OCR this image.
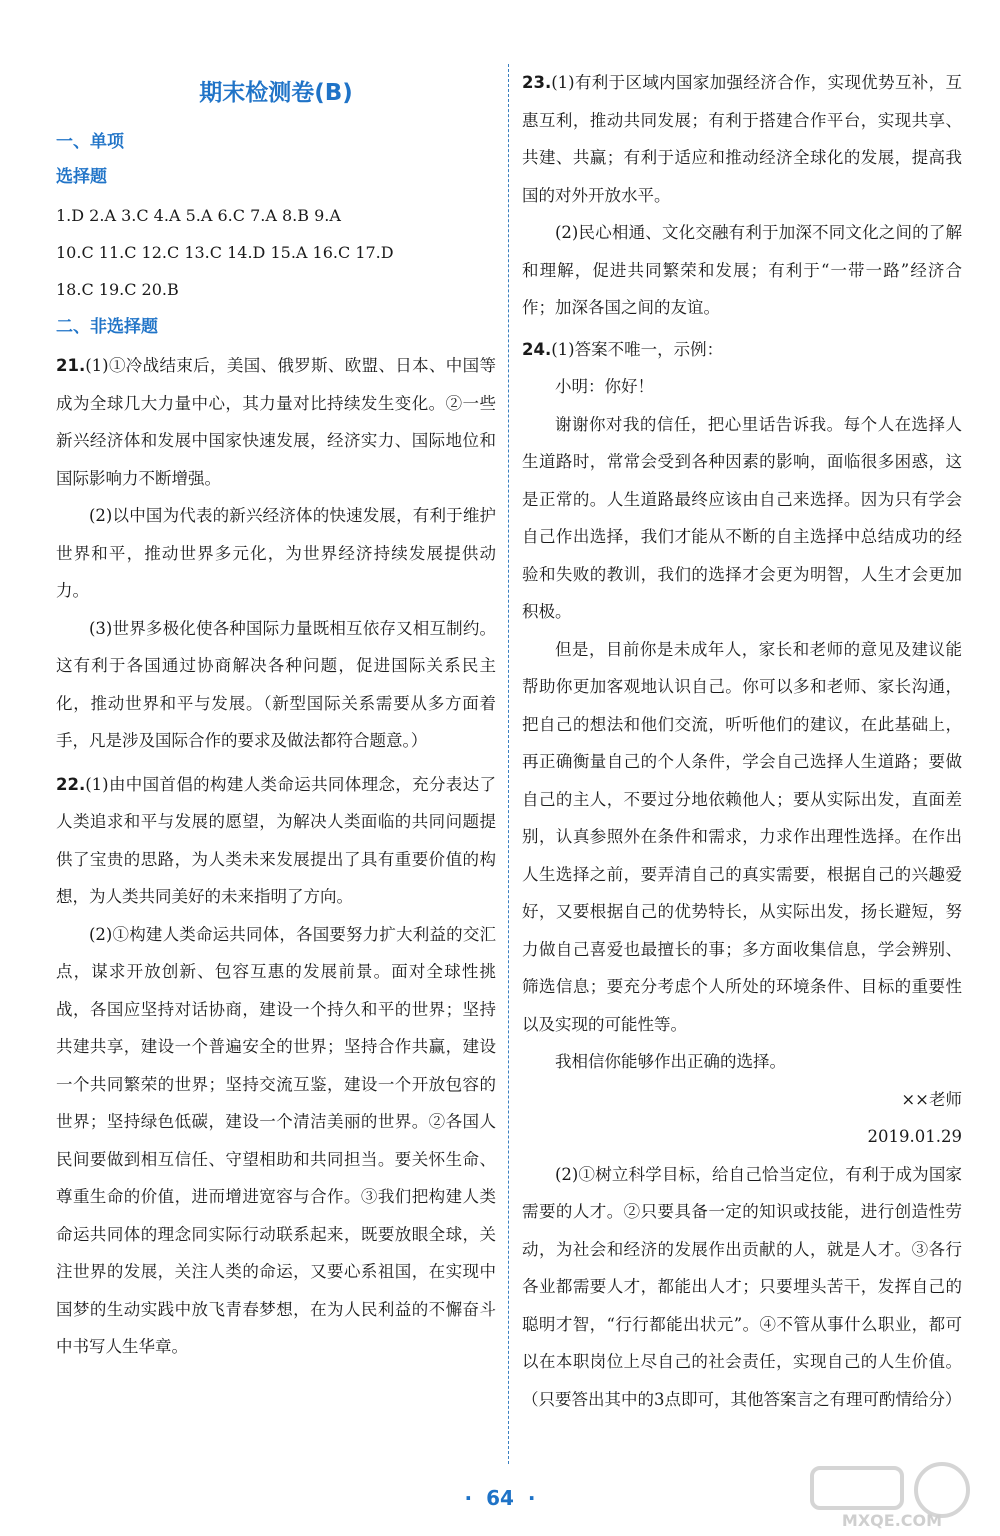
期末检测卷(B)
一、单项
选择题
1.D 2.A 3.C 4.A 5.A 6.C 7.A 8.B 9.A
10.C 11.C 12.C 13.C 14.D 15.A 16.C 17.D
18.C 19.C 20.B
二、非选择题

21.(1)①冷战结束后，美国、俄罗斯、欧盟、日本、中国等成为全球几大力量中心，其力量对比持续发生变化。②一些新兴经济体和发展中国家快速发展，经济实力、国际地位和国际影响力不断增强。

(2)以中国为代表的新兴经济体的快速发展，有利于维护世界和平，推动世界多元化，为世界经济持续发展提供动力。

(3)世界多极化使各种国际力量既相互依存又相互制约。这有利于各国通过协商解决各种问题，促进国际关系民主化，推动世界和平与发展。（新型国际关系需要从多方面着手，凡是涉及国际合作的要求及做法都符合题意。）

22.(1)由中国首倡的构建人类命运共同体理念，充分表达了人类追求和平与发展的愿望，为解决人类面临的共同问题提供了宝贵的思路，为人类未来发展提出了具有重要价值的构想，为人类共同美好的未来指明了方向。

(2)①构建人类命运共同体，各国要努力扩大利益的交汇点，谋求开放创新、包容互惠的发展前景。面对全球性挑战，各国应坚持对话协商，建设一个持久和平的世界；坚持共建共享，建设一个普遍安全的世界；坚持合作共赢，建设一个共同繁荣的世界；坚持交流互鉴，建设一个开放包容的世界；坚持绿色低碳，建设一个清洁美丽的世界。②各国人民间要做到相互信任、守望相助和共同担当。要关怀生命、尊重生命的价值，进而增进宽容与合作。③我们把构建人类命运共同体的理念同实际行动联系起来，既要放眼全球，关注世界的发展，关注人类的命运，又要心系祖国，在实现中国梦的生动实践中放飞青春梦想，在为人民利益的不懈奋斗中书写人生华章。

23.(1)有利于区域内国家加强经济合作，实现优势互补，互惠互利，推动共同发展；有利于搭建合作平台，实现共享、共建、共赢；有利于适应和推动经济全球化的发展，提高我国的对外开放水平。

(2)民心相通、文化交融有利于加深不同文化之间的了解和理解，促进共同繁荣和发展；有利于“一带一路”经济合作；加深各国之间的友谊。

24.(1)答案不唯一，示例：

小明：你好！

谢谢你对我的信任，把心里话告诉我。每个人在选择人生道路时，常常会受到各种因素的影响，面临很多困惑，这是正常的。人生道路最终应该由自己来选择。因为只有学会自己作出选择，我们才能从不断的自主选择中总结成功的经验和失败的教训，我们的选择才会更为明智，人生才会更加积极。

但是，目前你是未成年人，家长和老师的意见及建议能帮助你更加客观地认识自己。你可以多和老师、家长沟通，把自己的想法和他们交流，听听他们的建议，在此基础上，再正确衡量自己的个人条件，学会自己选择人生道路；要做自己的主人，不要过分地依赖他人；要从实际出发，直面差别，认真参照外在条件和需求，力求作出理性选择。在作出人生选择之前，要弄清自己的真实需要，根据自己的兴趣爱好，又要根据自己的优势特长，从实际出发，扬长避短，努力做自己喜爱也最擅长的事；多方面收集信息，学会辨别、筛选信息；要充分考虑个人所处的环境条件、目标的重要性以及实现的可能性等。

我相信你能够作出正确的选择。

××老师

2019.01.29

(2)①树立科学目标，给自己恰当定位，有利于成为国家需要的人才。②只要具备一定的知识或技能，进行创造性劳动，为社会和经济的发展作出贡献的人，就是人才。③各行各业都需要人才，都能出人才；只要埋头苦干，发挥自己的聪明才智，“行行都能出状元”。④不管从事什么职业，都可以在本职岗位上尽自己的社会责任，实现自己的人生价值。（只要答出其中的3点即可，其他答案言之有理可酌情给分）

·  64  ·
MXQE.COM
